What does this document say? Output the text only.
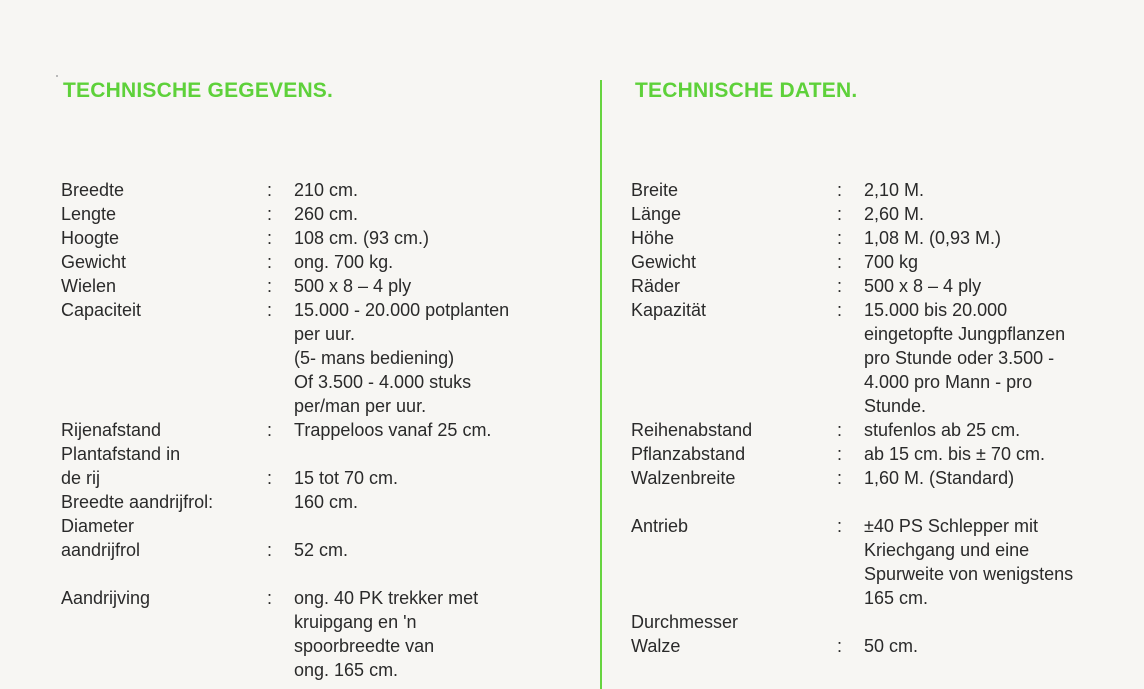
TECHNISCHE GEGEVENS.	TECHNISCHE DATEN.
Breedte	:	210 cm.
Lengte	:	260 cm.
Hoogte	:	108 cm. (93 cm.)
Gewicht	:	ong. 700 kg.
Wielen	:	500 x 8 – 4 ply
Capaciteit	:	15.000 - 20.000 potplanten
per uur.
(5- mans bediening)
Of 3.500 - 4.000 stuks
per/man per uur.
Rijenafstand	:	Trappeloos vanaf 25 cm.
Plantafstand in

de rij	:	15 tot 70 cm.
Breedte aandrijfrol:	160 cm.
Diameter

aandrijfrol	:	52 cm.
Aandrijving	:	ong. 40 PK trekker met
kruipgang en 'n
spoorbreedte van
ong. 165 cm.
Breite	:	2,10 M.
Länge	:	2,60 M.
Höhe	:	1,08 M. (0,93 M.)
Gewicht	:	700 kg
Räder	:	500 x 8 – 4 ply
Kapazität	:	15.000 bis 20.000
eingetopfte Jungpflanzen
pro Stunde oder 3.500 -
4.000 pro Mann - pro
Stunde.
Reihenabstand	:	stufenlos ab 25 cm.
Pflanzabstand	:	ab 15 cm. bis ± 70 cm.
Walzenbreite	:	1,60 M. (Standard)
Antrieb	:	±40 PS Schlepper mit
Kriechgang und eine
Spurweite von wenigstens
165 cm.
Durchmesser

Walze	:	50 cm.
